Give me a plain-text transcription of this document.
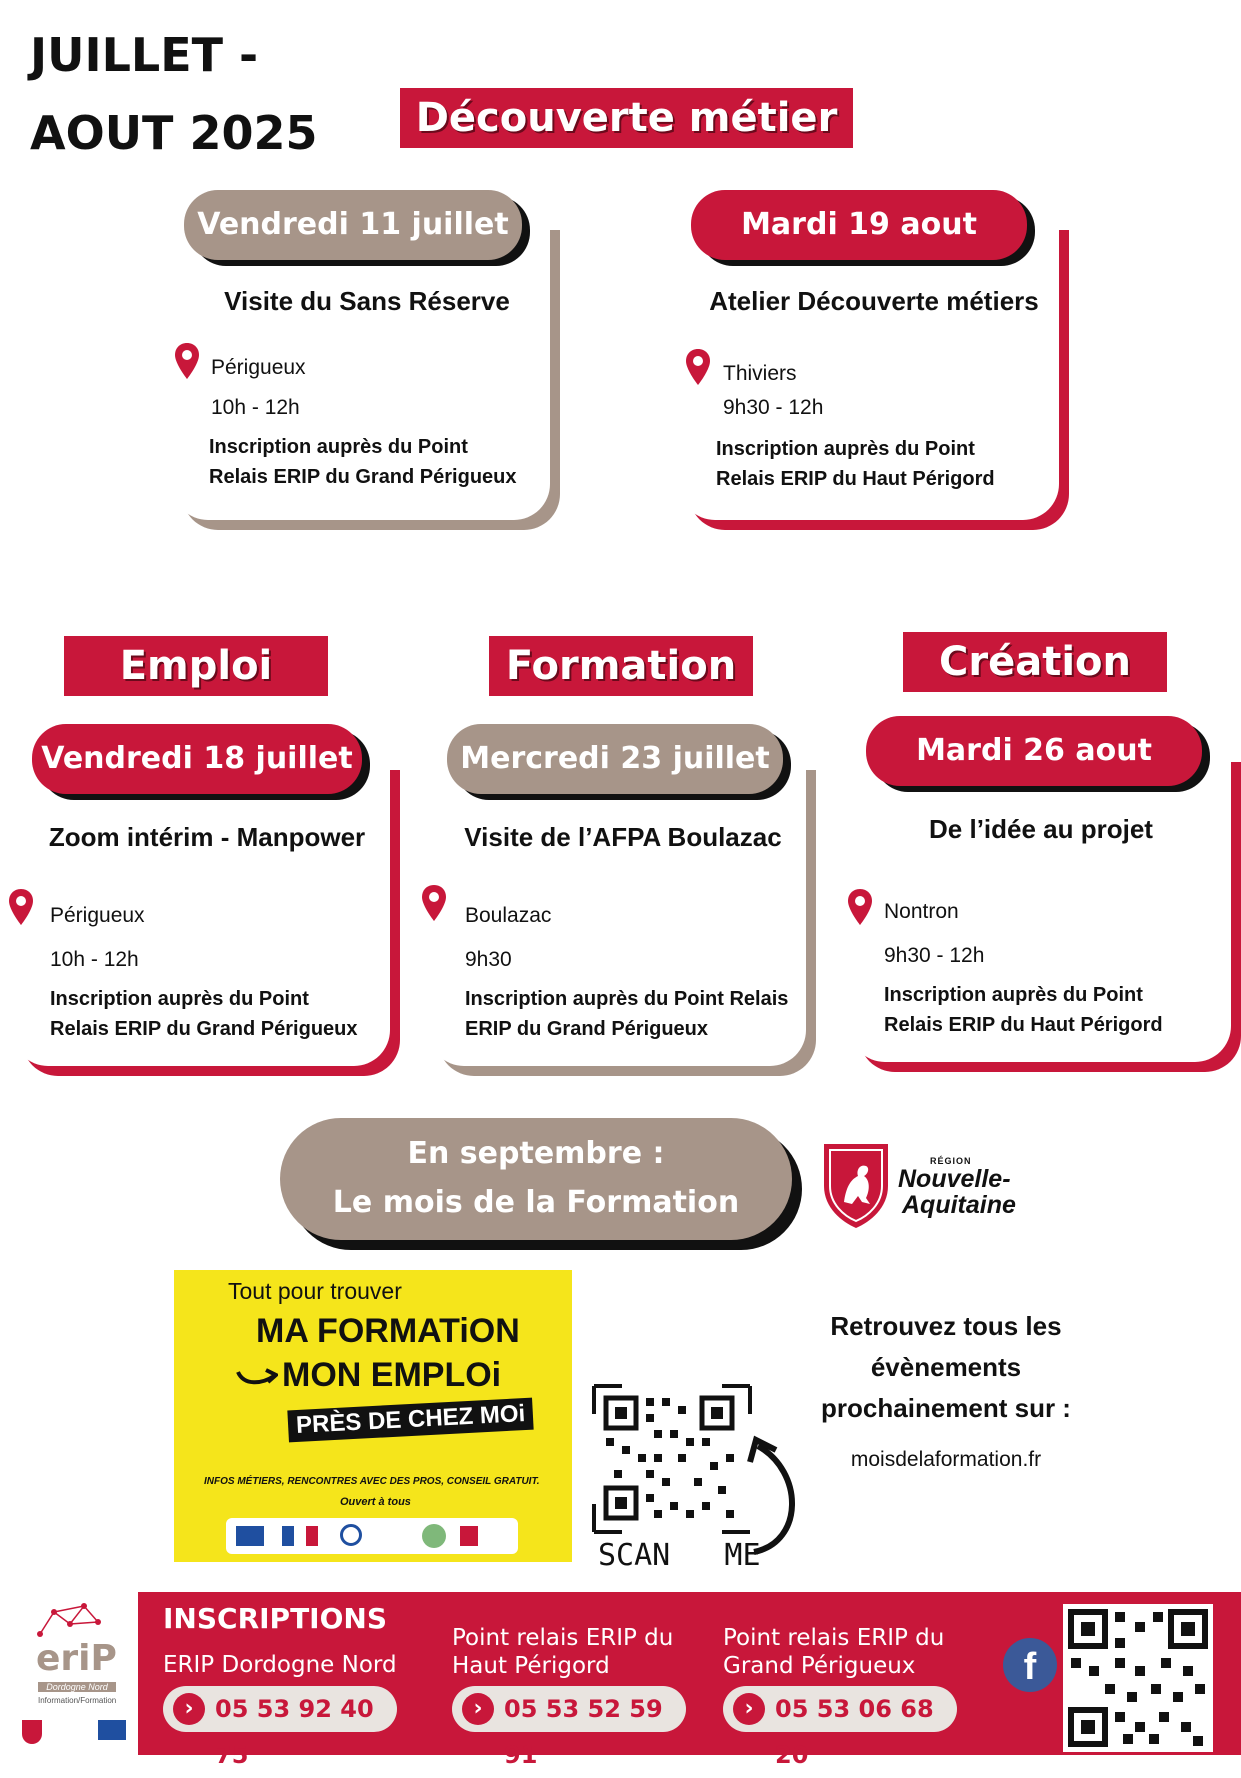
JUILLET -
AOUT 2025	Découverte métier
Emploi	Formation	Création
Vendredi 11 juillet
Visite du Sans Réserve
Périgueux
10h - 12h
Inscription auprès du Point
Relais ERIP du Grand Périgueux
Mardi 19 aout
Atelier Découverte métiers
Thiviers
9h30 - 12h
Inscription auprès du Point
Relais ERIP du Haut Périgord
Vendredi 18 juillet
Zoom intérim - Manpower
Périgueux
10h - 12h
Inscription auprès du Point
Relais ERIP du Grand Périgueux
Mercredi 23 juillet
Visite de l’AFPA Boulazac
Boulazac
9h30
Inscription auprès du Point Relais
ERIP du Grand Périgueux
Mardi 26 aout
De l’idée au projet
Nontron
9h30 - 12h
Inscription auprès du Point
Relais ERIP du Haut Périgord
En septembre :
Le mois de la Formation
RÉGION
Nouvelle-
Aquitaine
Tout pour trouver
MA FORMATiON
MON EMPLOi
PRÈS DE CHEZ MOi
INFOS MÉTIERS, RENCONTRES AVEC DES PROS, CONSEIL GRATUIT.
Ouvert à tous
SCAN   ME
Retrouvez tous les
évènements
prochainement sur :
moisdelaformation.fr
eriP
Dordogne Nord
Information/Formation
INSCRIPTIONS
ERIP Dordogne Nord
› 05 53 92 40 75
Point relais ERIP du
Haut Périgord
› 05 53 52 59 91
Point relais ERIP du
Grand Périgueux
› 05 53 06 68 20
f
